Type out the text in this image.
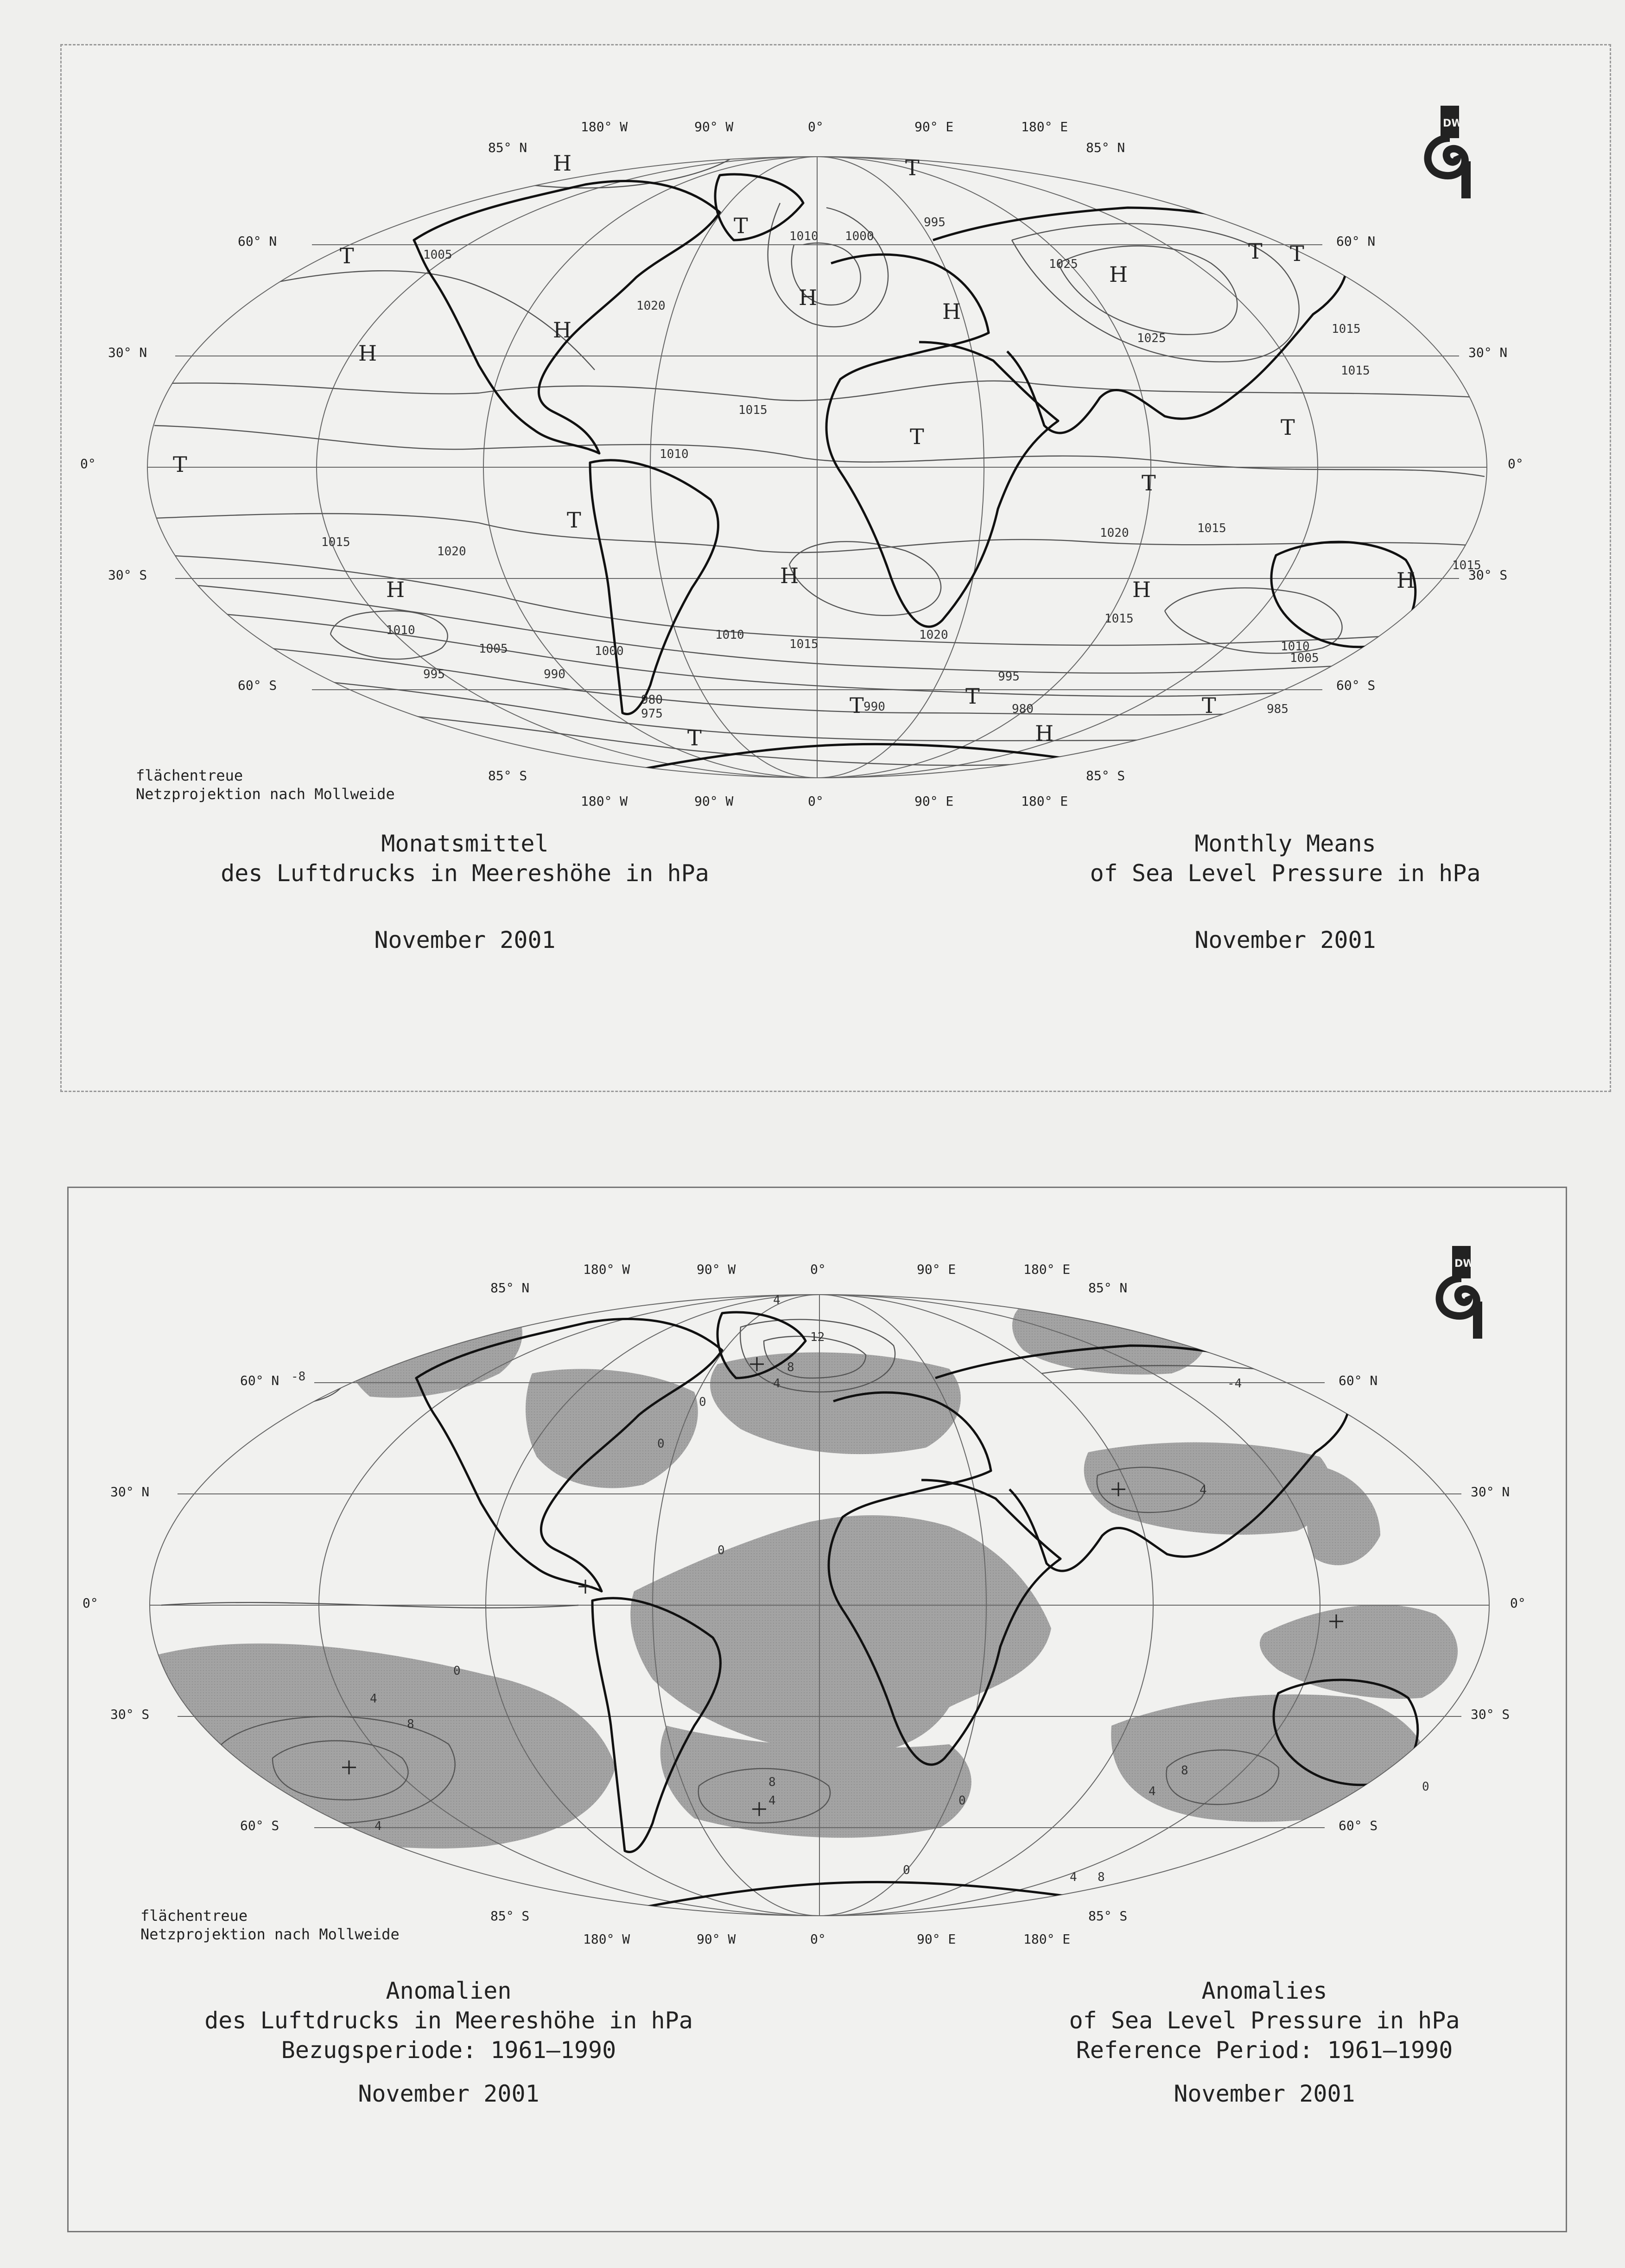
180° W	90° W	0°	90° E	180° E
180° W	90° W	0°	90° E	180° E
85° N
60° N
30° N
0°
30° S
60° S
85° S
85° N
60° N
30° N
0°
30° S
60° S
85° S
1005
1020
1015
1010
1020
1015
1010
1005
995	990
1000
1010
1015
1020
1020	1015
1015
1010
1005
995
980
975	990	980	985
1025
1025
1015
1015
1015
995
1000
1010
H
H
H
H
H
H
H
H
H	H
H
T
T
T
T
T
T
T
T
T T
T	T	T
T
DWD
flächentreue
Netzprojektion nach Mollweide
Monatsmittel
des Luftdrucks in Meereshöhe in hPa
November 2001
Monthly Means
of Sea Level Pressure in hPa
November 2001
180° W	90° W	0°	90° E	180° E
180° W	90° W	0°	90° E	180° E
85° N
60° N
30° N
0°
30° S
60° S
85° S
85° N
60° N
30° N
0°
30° S
60° S
85° S
12
8
4
0
0
0
0
4
8
4
8
4
8
4
4
-4
-8
4
0
0	4 8
0
DWD
flächentreue
Netzprojektion nach Mollweide
Anomalien
des Luftdrucks in Meereshöhe in hPa
Bezugsperiode: 1961–1990
November 2001
Anomalies
of Sea Level Pressure in hPa
Reference Period: 1961–1990
November 2001
